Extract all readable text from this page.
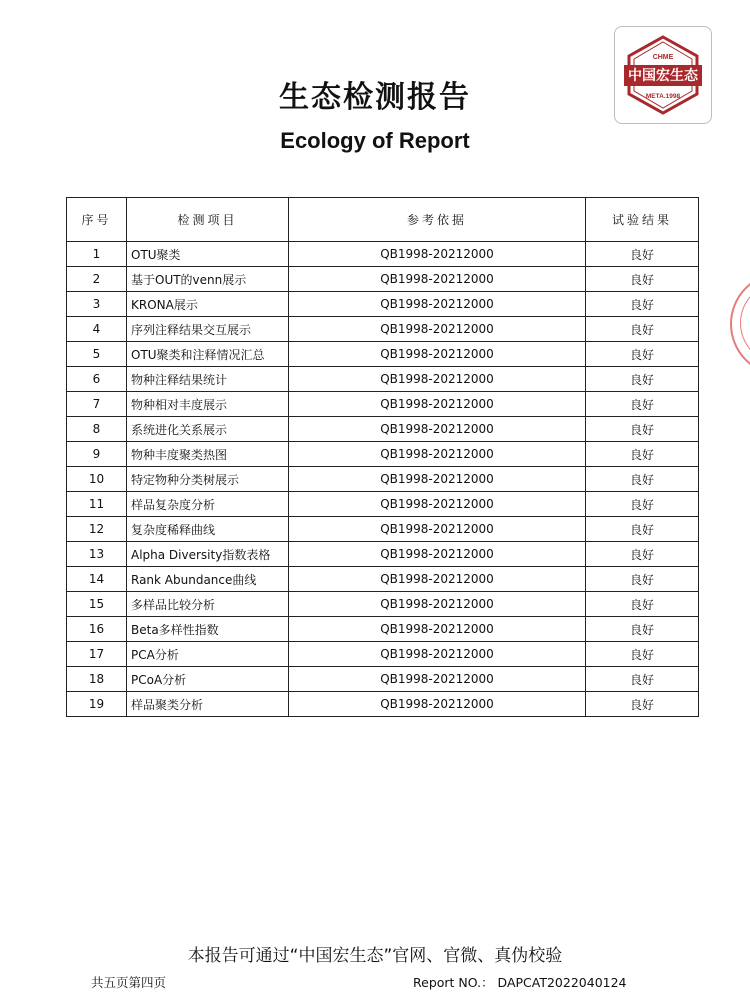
CHME
中国宏生态
META.1998
生态检测报告
Ecology of Report
序号	检测项目	参考依据	试验结果
1	OTU聚类	QB1998-20212000	良好
2	基于OUT的venn展示	QB1998-20212000	良好
3	KRONA展示	QB1998-20212000	良好
4	序列注释结果交互展示	QB1998-20212000	良好
5	OTU聚类和注释情况汇总	QB1998-20212000	良好
6	物种注释结果统计	QB1998-20212000	良好
7	物种相对丰度展示	QB1998-20212000	良好
8	系统进化关系展示	QB1998-20212000	良好
9	物种丰度聚类热图	QB1998-20212000	良好
10	特定物种分类树展示	QB1998-20212000	良好
11	样品复杂度分析	QB1998-20212000	良好
12	复杂度稀释曲线	QB1998-20212000	良好
13	Alpha Diversity指数表格	QB1998-20212000	良好
14	Rank Abundance曲线	QB1998-20212000	良好
15	多样品比较分析	QB1998-20212000	良好
16	Beta多样性指数	QB1998-20212000	良好
17	PCA分析	QB1998-20212000	良好
18	PCoA分析	QB1998-20212000	良好
19	样品聚类分析	QB1998-20212000	良好
本报告可通过“中国宏生态”官网、官微、真伪校验
共五页第四页	Report NO.： DAPCAT2022040124
